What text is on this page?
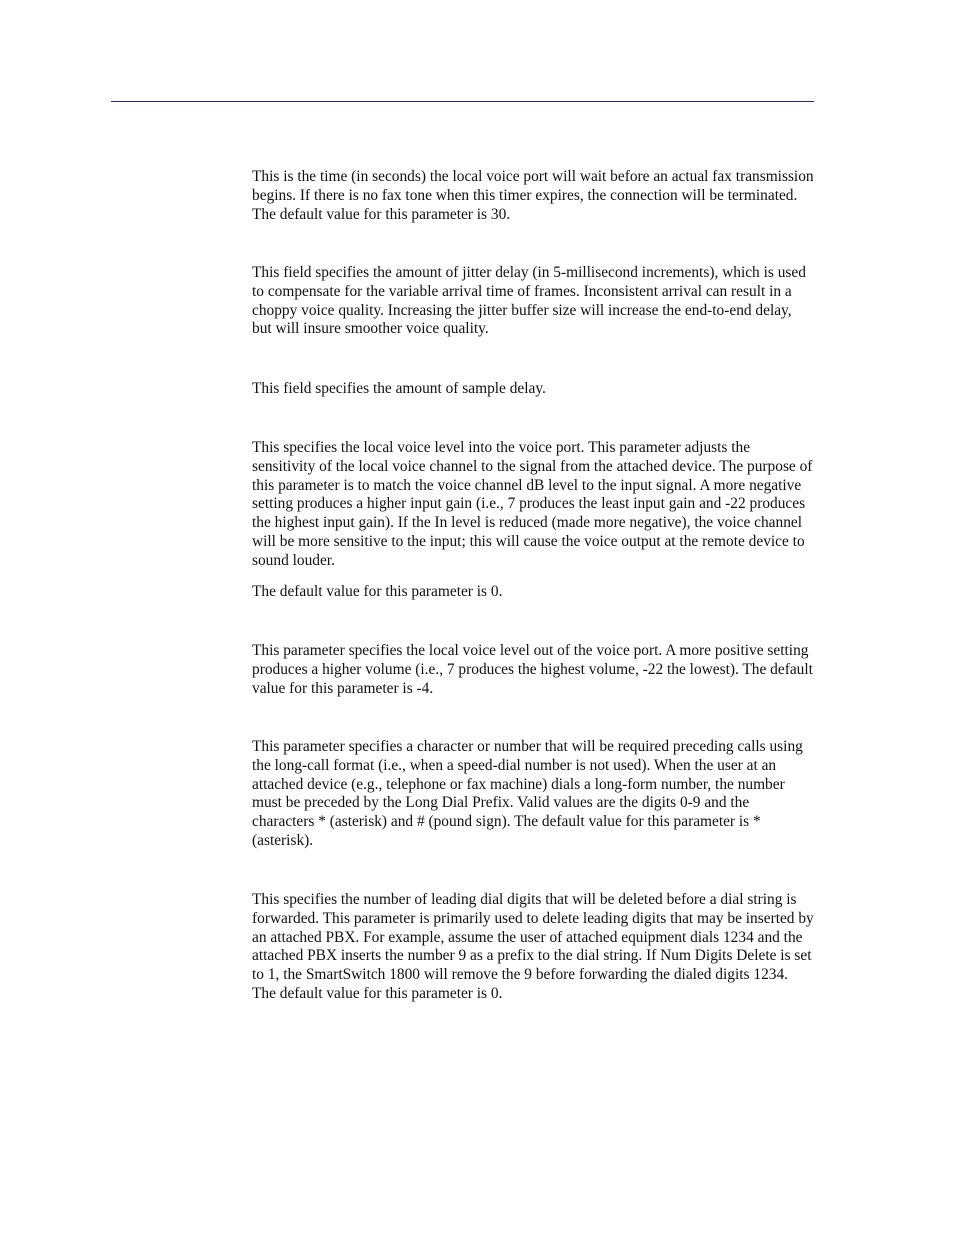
This is the time (in seconds) the local voice port will wait before an actual fax transmission begins. If there is no fax tone when this timer expires, the connection will be terminated. The default value for this parameter is 30.

This field specifies the amount of jitter delay (in 5-millisecond increments), which is used to compensate for the variable arrival time of frames. Inconsistent arrival can result in a choppy voice quality. Increasing the jitter buffer size will increase the end-to-end delay, but will insure smoother voice quality.

This field specifies the amount of sample delay.

This specifies the local voice level into the voice port. This parameter adjusts the sensitivity of the local voice channel to the signal from the attached device. The purpose of this parameter is to match the voice channel dB level to the input signal. A more negative setting produces a higher input gain (i.e., 7 produces the least input gain and -22 produces the highest input gain). If the In level is reduced (made more negative), the voice channel will be more sensitive to the input; this will cause the voice output at the remote device to sound louder.

The default value for this parameter is 0.

This parameter specifies the local voice level out of the voice port. A more positive setting produces a higher volume (i.e., 7 produces the highest volume, -22 the lowest). The default value for this parameter is -4.

This parameter specifies a character or number that will be required preceding calls using the long-call format (i.e., when a speed-dial number is not used). When the user at an attached device (e.g., telephone or fax machine) dials a long-form number, the number must be preceded by the Long Dial Prefix. Valid values are the digits 0-9 and the characters * (asterisk) and # (pound sign). The default value for this parameter is * (asterisk).

This specifies the number of leading dial digits that will be deleted before a dial string is forwarded. This parameter is primarily used to delete leading digits that may be inserted by an attached PBX. For example, assume the user of attached equipment dials 1234 and the attached PBX inserts the number 9 as a prefix to the dial string. If Num Digits Delete is set to 1, the SmartSwitch 1800 will remove the 9 before forwarding the dialed digits 1234. The default value for this parameter is 0.
